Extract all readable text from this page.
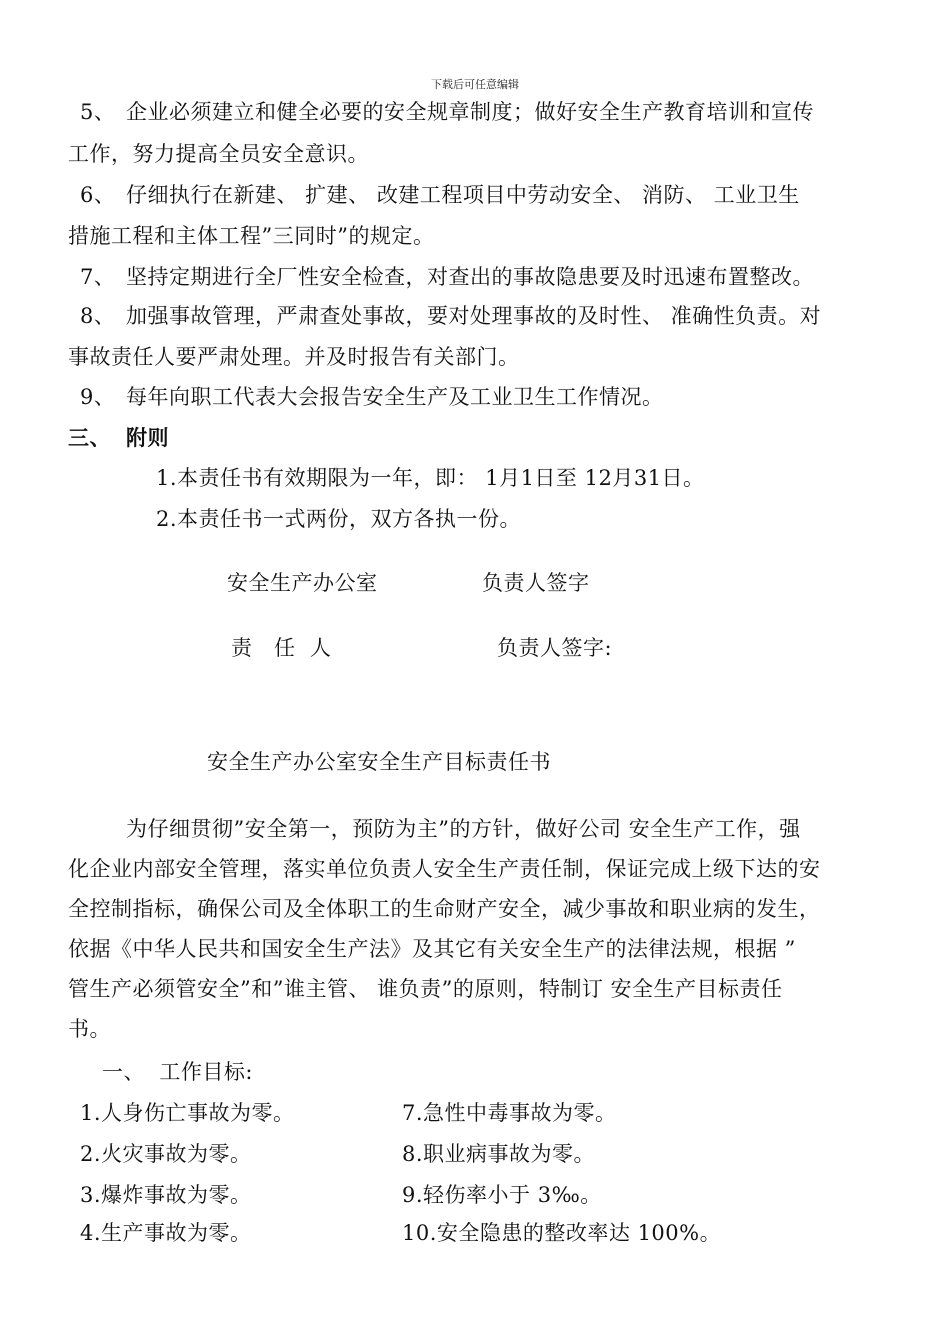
下载后可任意编辑
5、 企业必须建立和健全必要的安全规章制度；做好安全生产教育培训和宣传
工作，努力提高全员安全意识。
6、 仔细执行在新建、 扩建、 改建工程项目中劳动安全、 消防、 工业卫生
措施工程和主体工程”三同时”的规定。
7、 坚持定期进行全厂性安全检查，对查出的事故隐患要及时迅速布置整改。
8、 加强事故管理，严肃查处事故，要对处理事故的及时性、 准确性负责。对
事故责任人要严肃处理。并及时报告有关部门。
9、 每年向职工代表大会报告安全生产及工业卫生工作情况。
三、 附则
1.本责任书有效期限为一年，即： 1月1日至 12月31日。
2.本责任书一式两份，双方各执一份。
安全生产办公室	负责人签字
责   任  人	负责人签字:
安全生产办公室安全生产目标责任书
为仔细贯彻”安全第一，预防为主”的方针，做好公司 安全生产工作，强
化企业内部安全管理，落实单位负责人安全生产责任制，保证完成上级下达的安
全控制指标，确保公司及全体职工的生命财产安全，减少事故和职业病的发生，
依据《中华人民共和国安全生产法》及其它有关安全生产的法律法规，根据 ”
管生产必须管安全”和”谁主管、 谁负责”的原则，特制订 安全生产目标责任
书。
一、  工作目标:
1.人身伤亡事故为零。	7.急性中毒事故为零。
2.火灾事故为零。	8.职业病事故为零。
3.爆炸事故为零。	9.轻伤率小于 3‰。
4.生产事故为零。	10.安全隐患的整改率达 100%。
